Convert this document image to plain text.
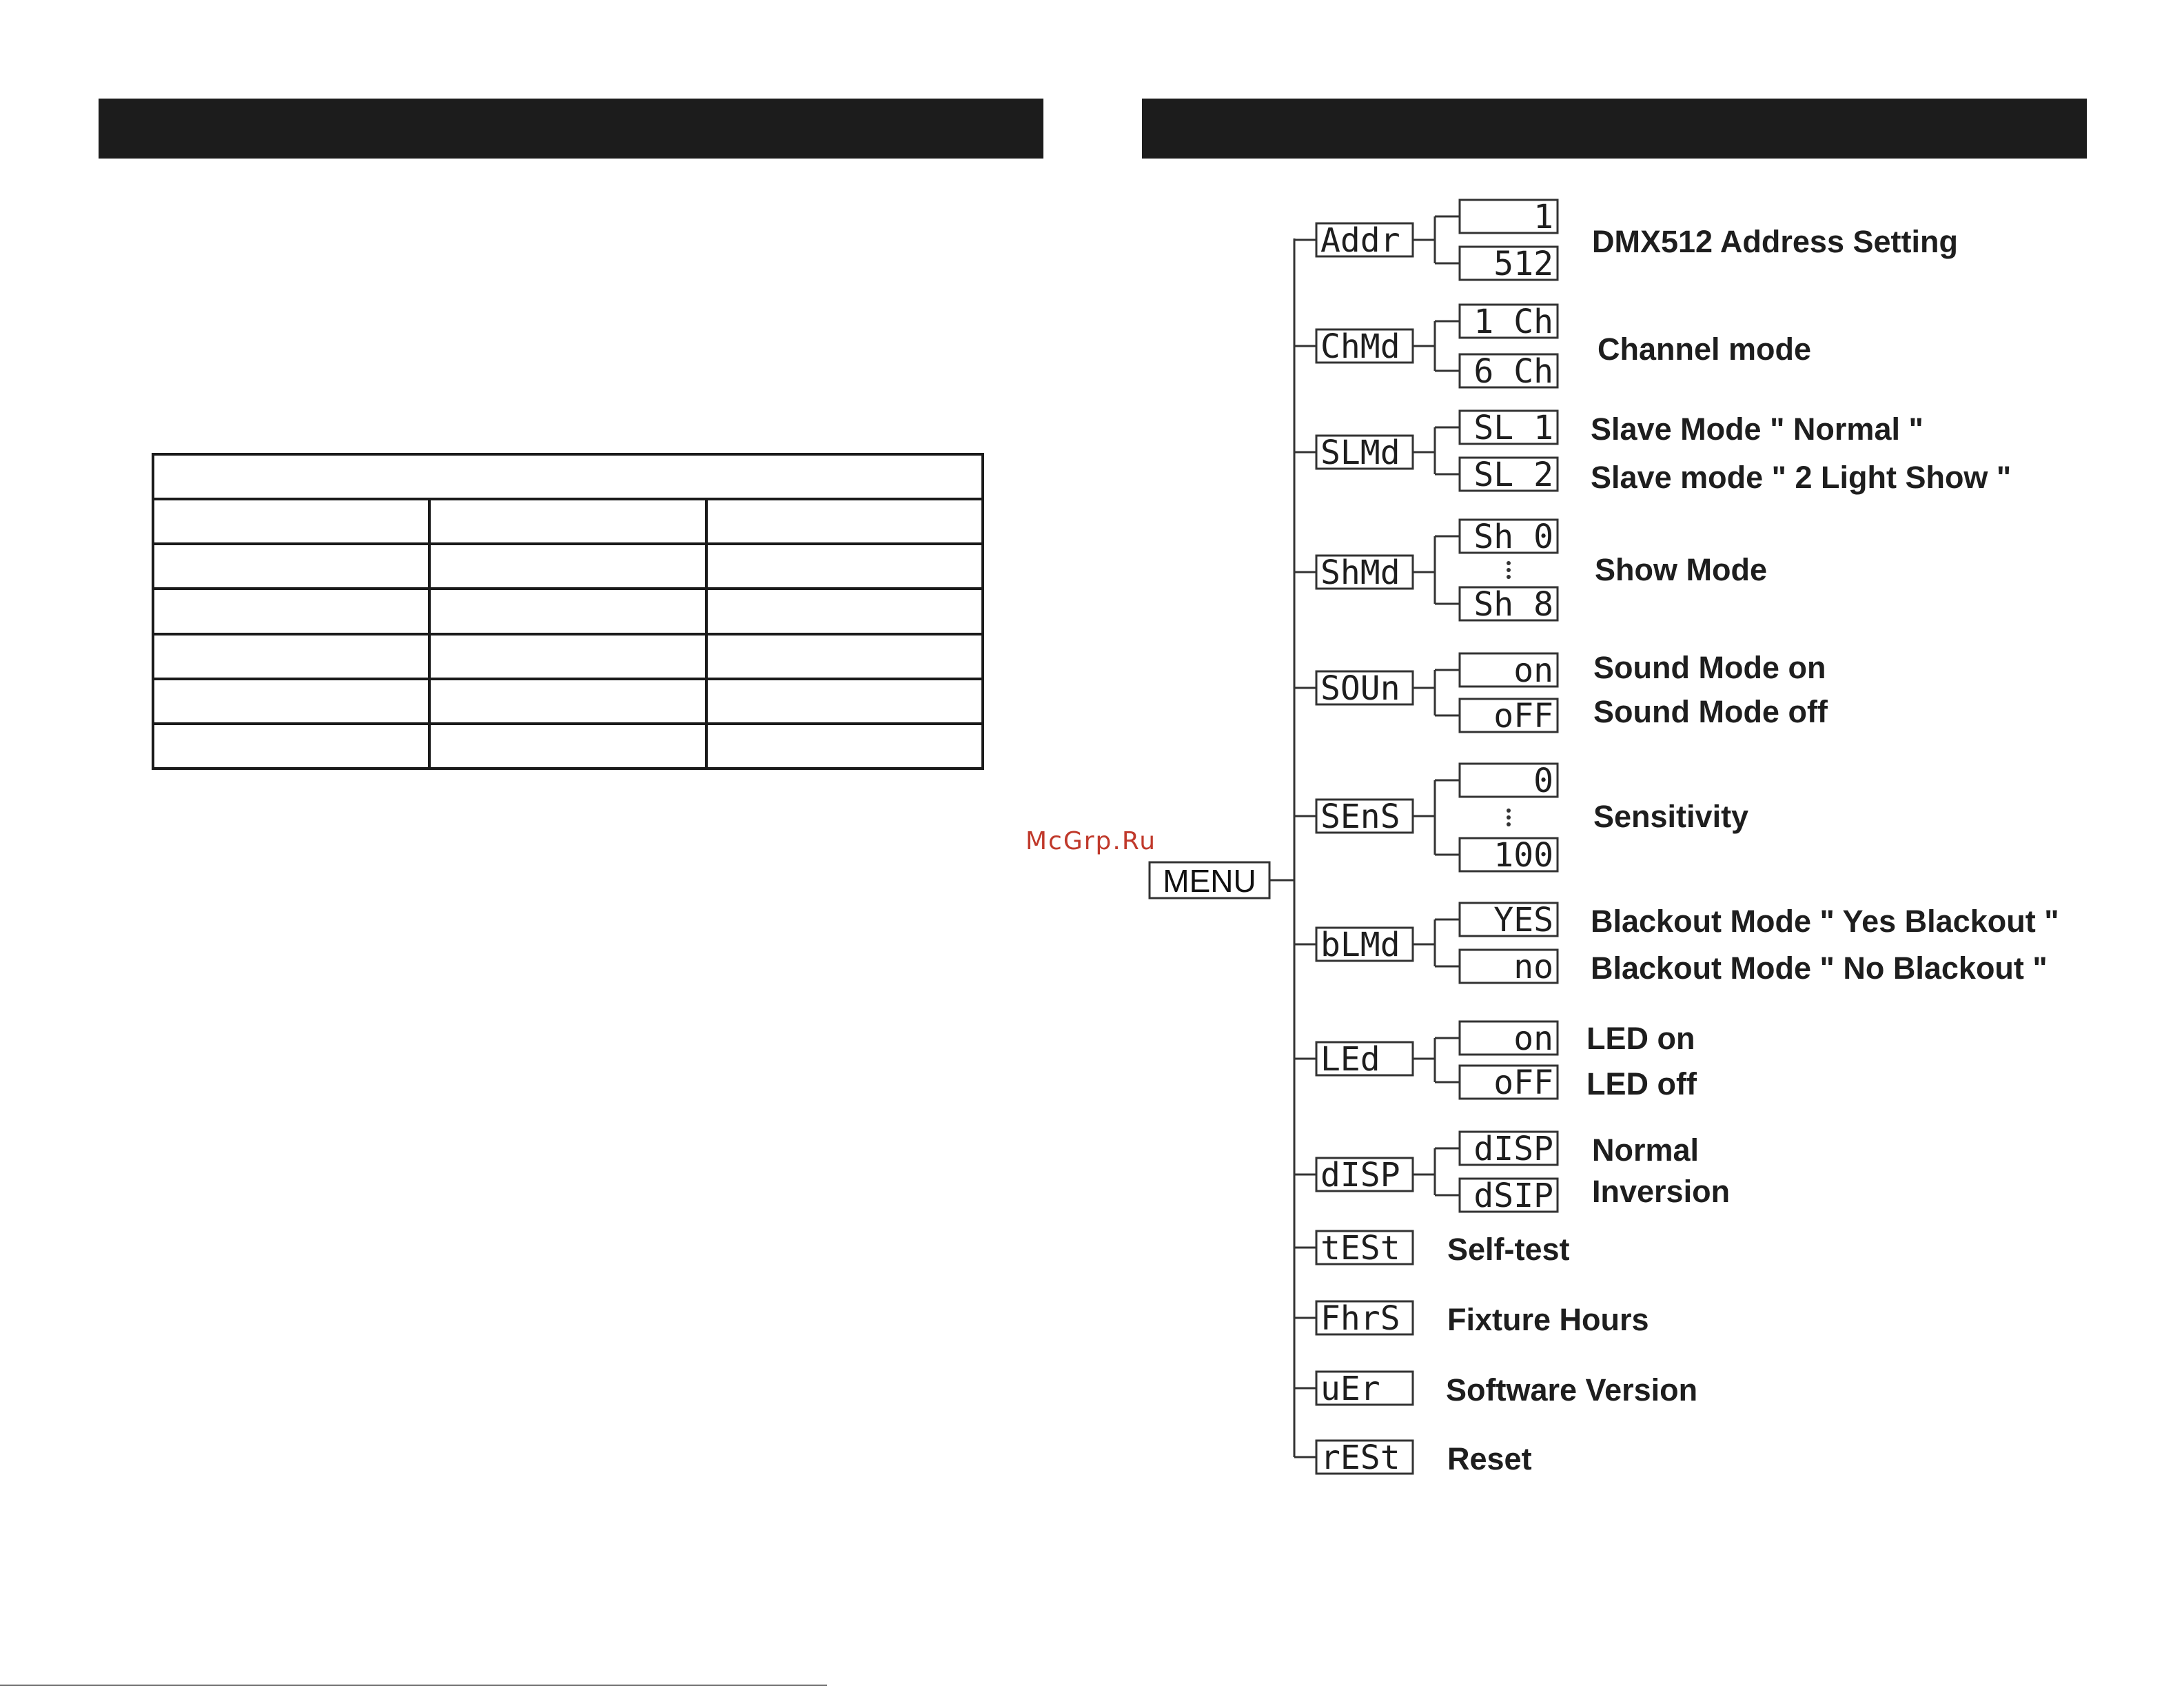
McGrp.Ru
MENU
Addr
1
512
DMX512 Address Setting
ChMd
1 Ch
6 Ch
Channel mode
SLMd
SL 1
SL 2
Slave Mode " Normal "
Slave mode " 2 Light Show "
ShMd
Sh 0
Sh 8
Show Mode
SOUn	on
oFF
Sound Mode on
Sound Mode off
SEnS
0
100
Sensitivity
bLMd
YES
no
Blackout Mode " Yes Blackout "
Blackout Mode " No Blackout "
LEd
on
oFF
LED on
LED off
dISP
dISP
dSIP
Normal
Inversion
tESt Self-test
FhrS Fixture Hours
uEr Software Version
rESt Reset
